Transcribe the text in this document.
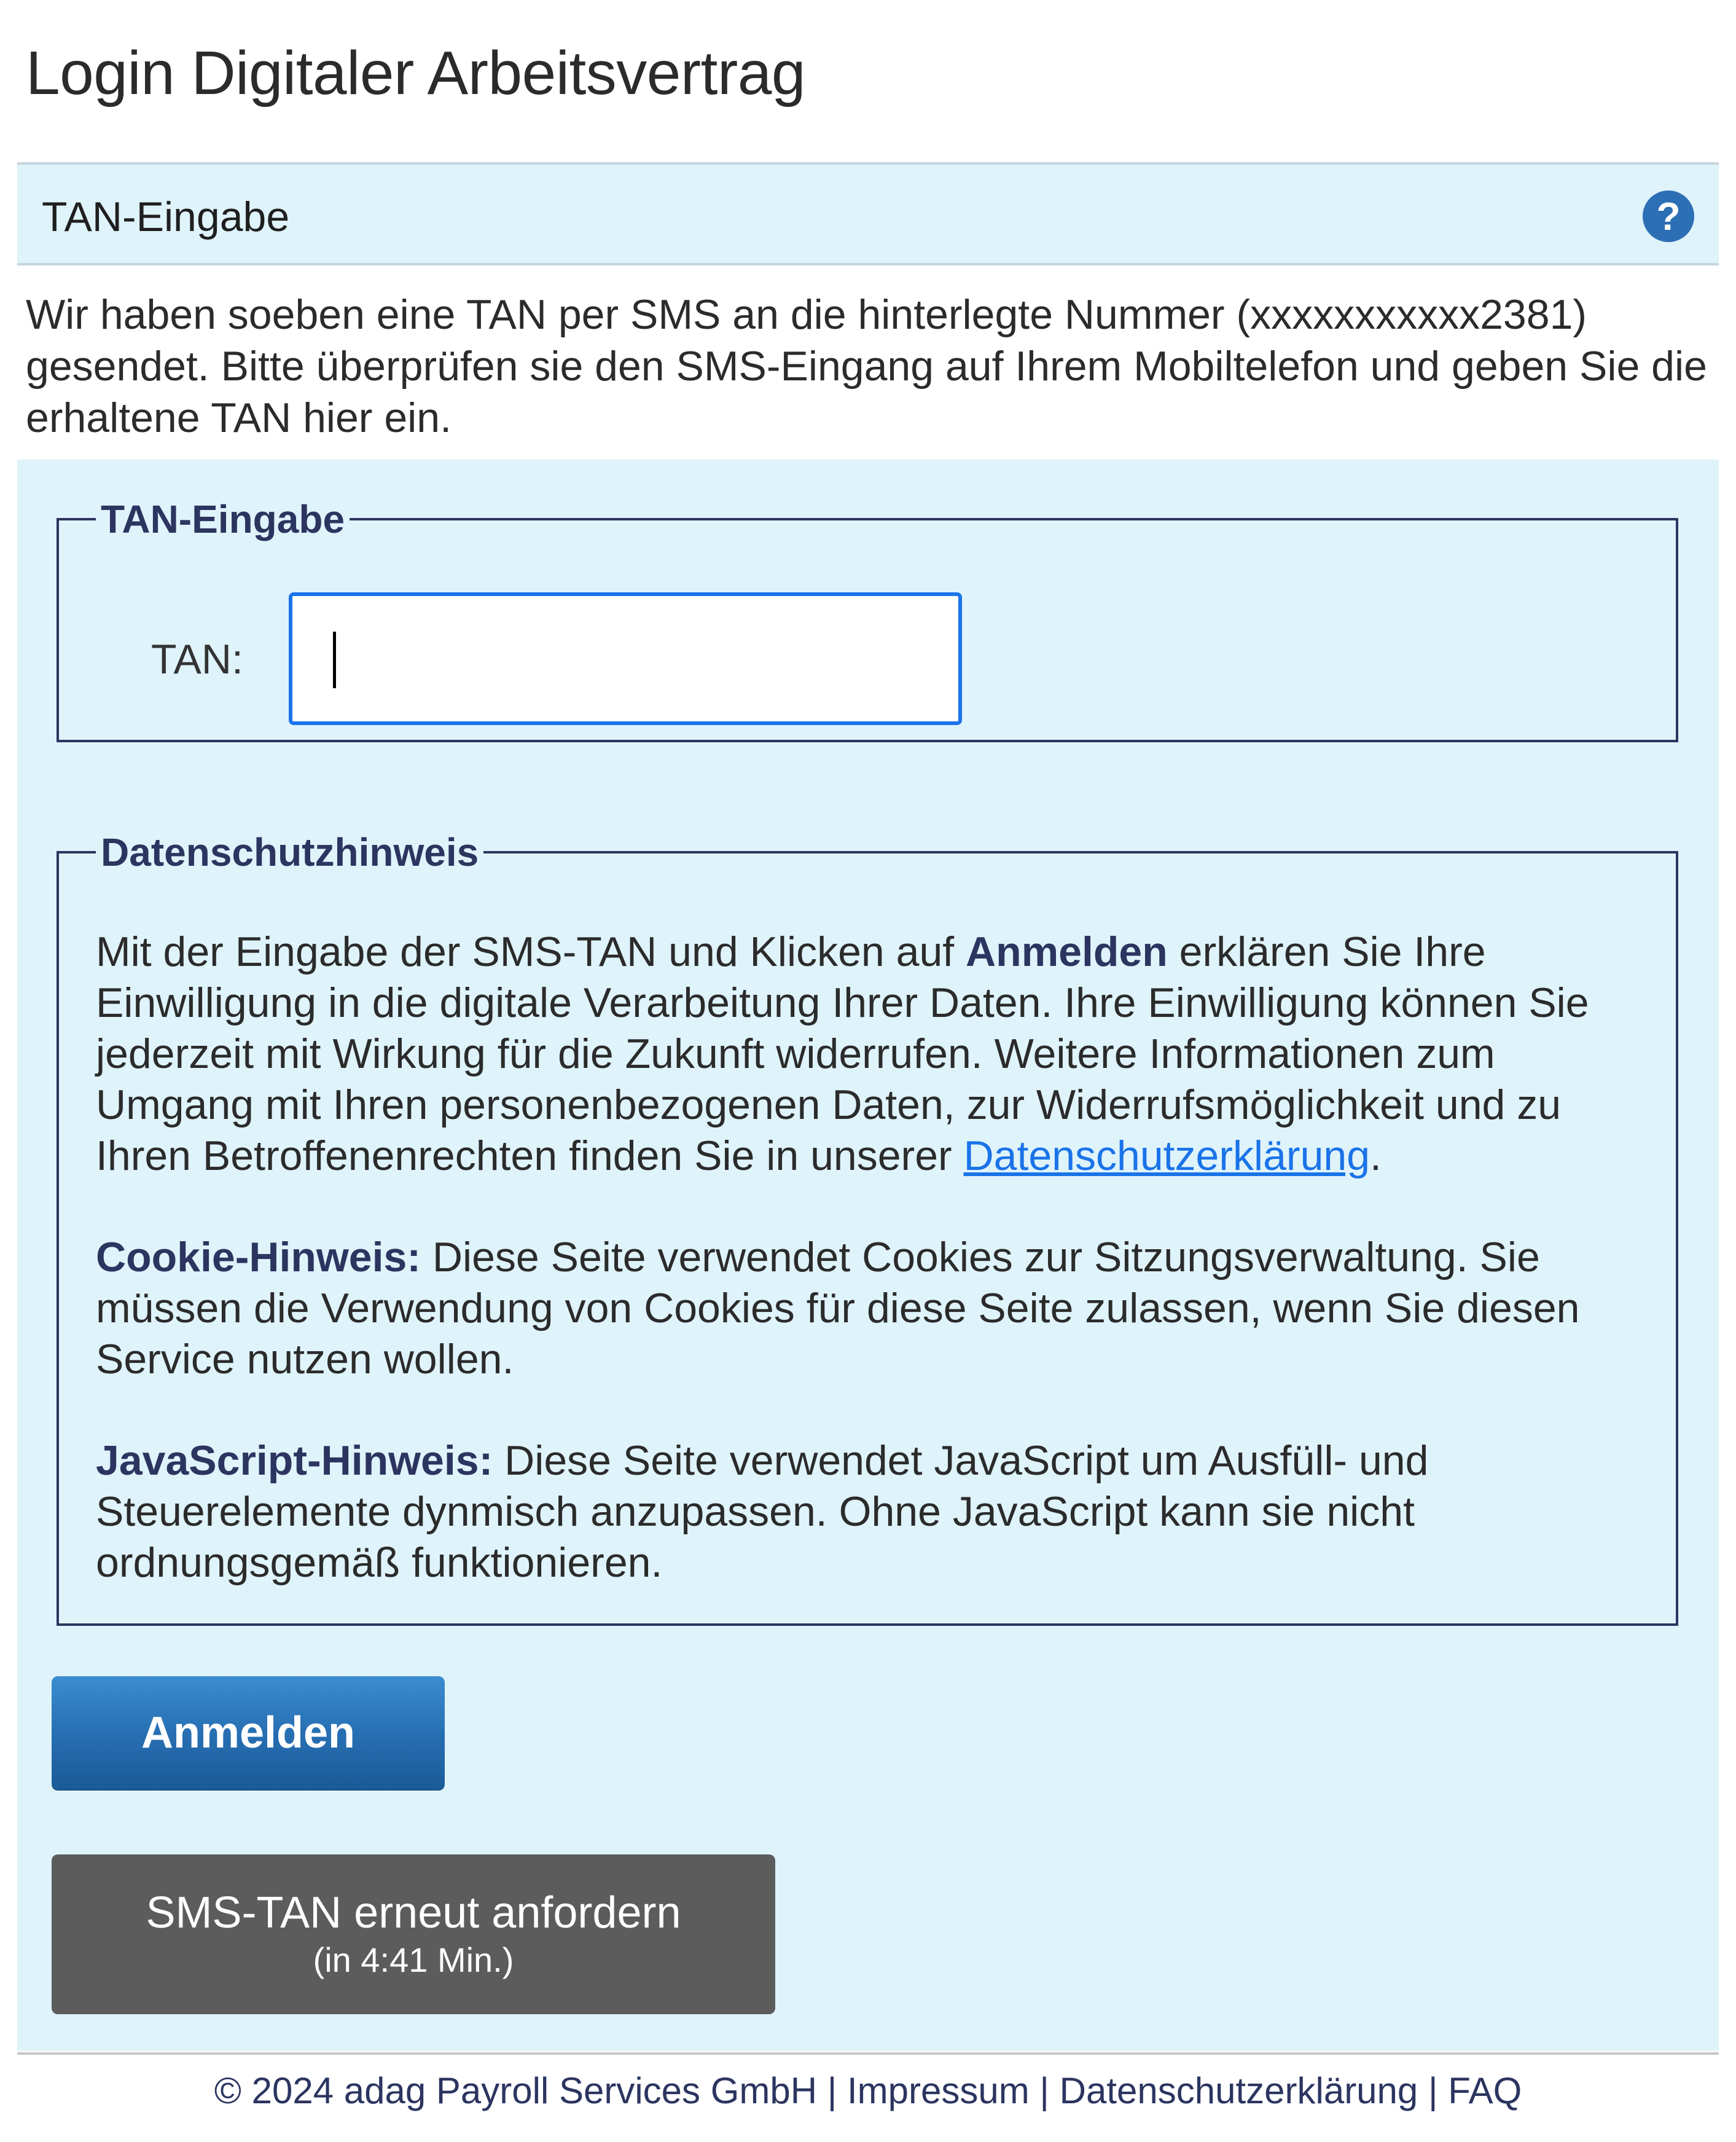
Login Digitaler Arbeitsvertrag
TAN-Eingabe	?

Wir haben soeben eine TAN per SMS an die hinterlegte Nummer (xxxxxxxxxxx2381) gesendet. Bitte überprüfen sie den SMS-Eingang auf Ihrem Mobiltelefon und geben Sie die erhaltene TAN hier ein.

TAN-Eingabe
TAN:
Datenschutzhinweis

Mit der Eingabe der SMS-TAN und Klicken auf Anmelden erklären Sie Ihre Einwilligung in die digitale Verarbeitung Ihrer Daten. Ihre Einwilligung können Sie jederzeit mit Wirkung für die Zukunft widerrufen. Weitere Informationen zum Umgang mit Ihren personenbezogenen Daten, zur Widerrufsmöglichkeit und zu Ihren Betroffenenrechten finden Sie in unserer Datenschutzerklärung.

Cookie-Hinweis: Diese Seite verwendet Cookies zur Sitzungsverwaltung. Sie müssen die Verwendung von Cookies für diese Seite zulassen, wenn Sie diesen Service nutzen wollen.

JavaScript-Hinweis: Diese Seite verwendet JavaScript um Ausfüll- und Steuerelemente dynmisch anzupassen. Ohne JavaScript kann sie nicht ordnungsgemäß funktionieren.

Anmelden
SMS-TAN erneut anfordern
(in 4:41 Min.)
© 2024 adag Payroll Services GmbH | Impressum | Datenschutzerklärung | FAQ
